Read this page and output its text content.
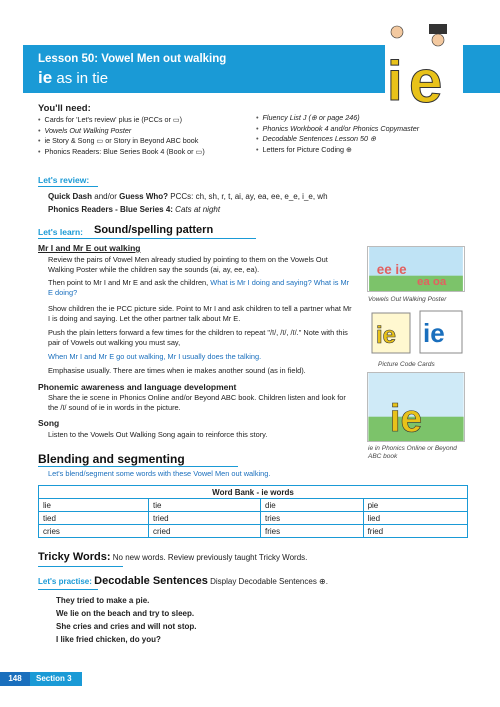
Lesson 50: Vowel Men out walking
ie as in tie	i e
You'll need:
• Cards for 'Let's review' plus ie (PCCs or ▭)
• Vowels Out Walking Poster
• ie Story & Song ▭ or Story in Beyond ABC book
• Phonics Readers: Blue Series Book 4 (Book or ▭)
• Fluency List J (⊕ or page 246)
• Phonics Workbook 4 and/or Phonics Copymaster
• Decodable Sentences Lesson 50 ⊕
• Letters for Picture Coding ⊕
Let's review:
Quick Dash and/or Guess Who? PCCs: ch, sh, r, t, ai, ay, ea, ee, e_e, i_e, wh
Phonics Readers - Blue Series 4: Cats at night
Let's learn: Sound/spelling pattern
Mr I and Mr E out walking
Review the pairs of Vowel Men already studied by pointing to them on the Vowels Out Walking Poster while the children say the sounds (ai, ay, ee, ea).
Then point to Mr I and Mr E and ask the children, What is Mr I doing and saying? What is Mr E doing?
Show children the ie PCC picture side. Point to Mr I and ask children to tell a partner what Mr I is doing and saying. Let the other partner talk about Mr E.
Push the plain letters forward a few times for the children to repeat "/ī/, /ī/, /ī/." Note with this pair of Vowels out walking you must say,
When Mr I and Mr E go out walking, Mr I usually does the talking.
Emphasise usually. There are times when ie makes another sound (as in field).
Phonemic awareness and language development
Share the ie scene in Phonics Online and/or Beyond ABC book. Children listen and look for the /ī/ sound of ie in words in the picture.
Song
Listen to the Vowels Out Walking Song again to reinforce this story.
ee ie
ea oa
Vowels Out Walking Poster
ie ie
Picture Code Cards
ie
ie in Phonics Online or Beyond ABC book
Blending and segmenting
Let's blend/segment some words with these Vowel Men out walking.
Word Bank - ie words			
lie	tie	die	pie
tied	tried	tries	lied
cries	cried	fries	fried
Tricky Words: No new words. Review previously taught Tricky Words.
Let's practise: Decodable Sentences Display Decodable Sentences ⊕.
They tried to make a pie.
We lie on the beach and try to sleep.
She cries and cries and will not stop.
I like fried chicken, do you?
148	Section 3
